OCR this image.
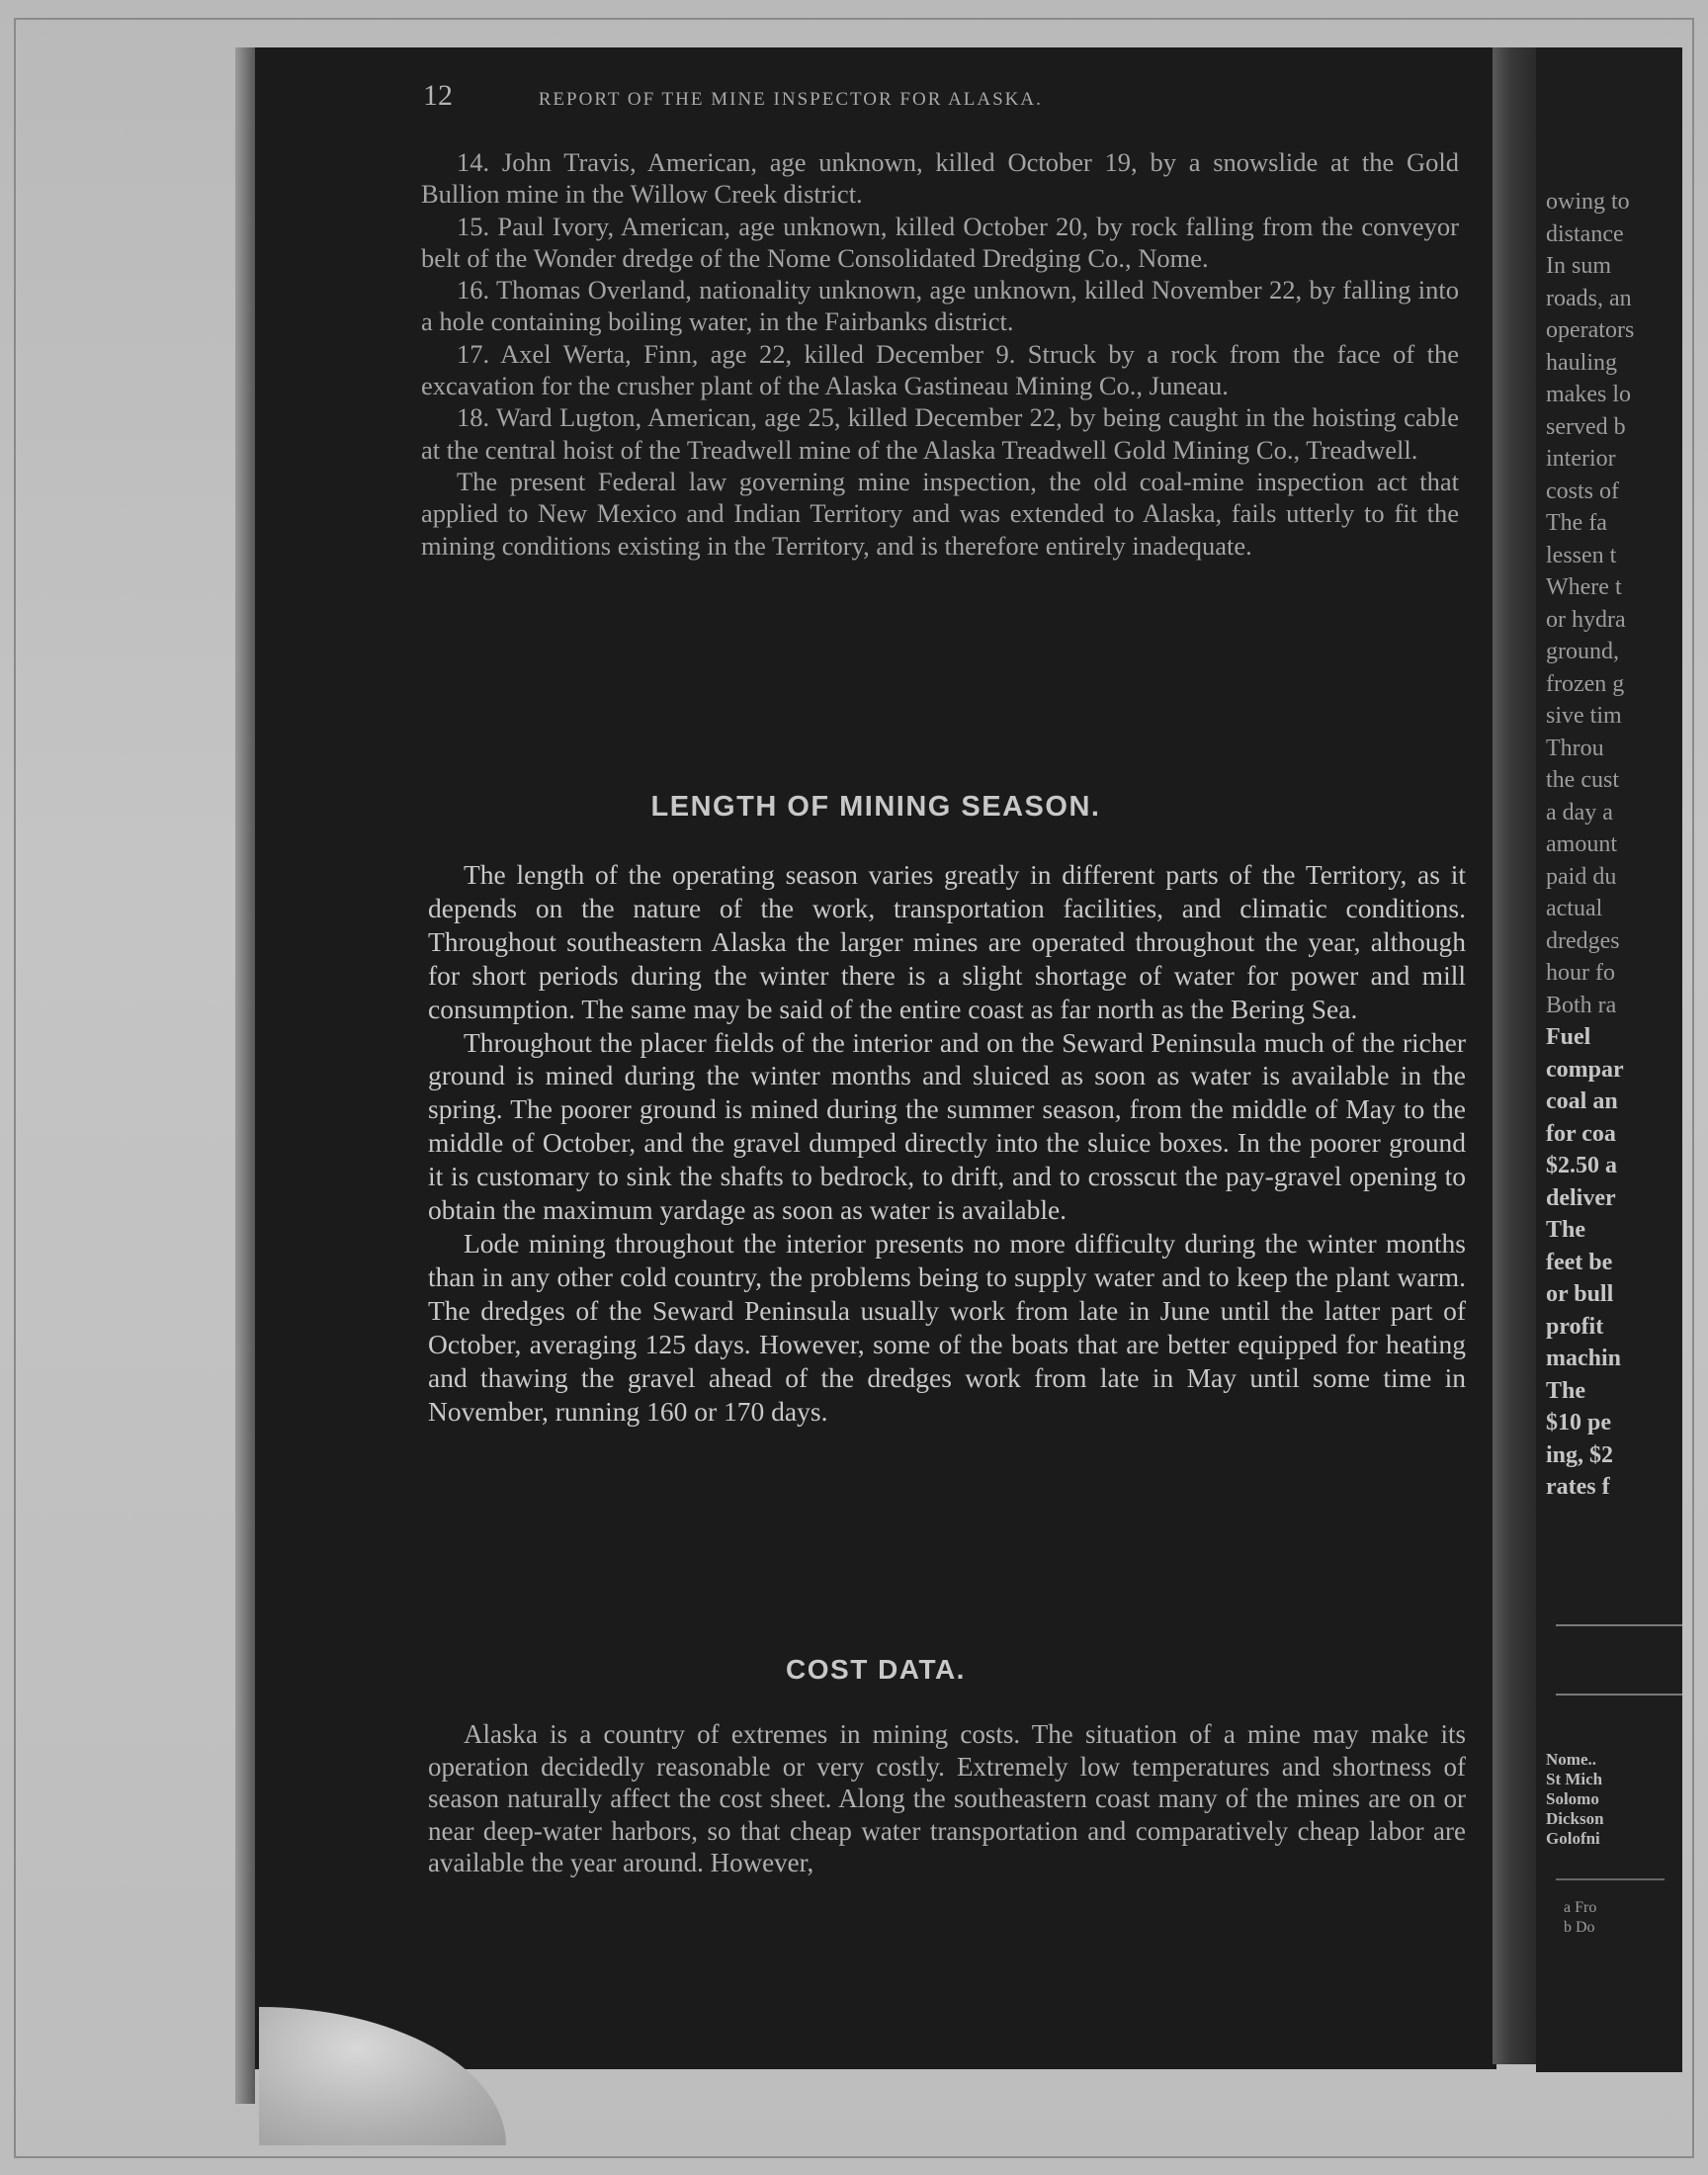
12	REPORT OF THE MINE INSPECTOR FOR ALASKA.

14. John Travis, American, age unknown, killed October 19, by a snowslide at the Gold Bullion mine in the Willow Creek district.

15. Paul Ivory, American, age unknown, killed October 20, by rock falling from the conveyor belt of the Wonder dredge of the Nome Consolidated Dredging Co., Nome.

16. Thomas Overland, nationality unknown, age unknown, killed November 22, by falling into a hole containing boiling water, in the Fairbanks district.

17. Axel Werta, Finn, age 22, killed December 9. Struck by a rock from the face of the excavation for the crusher plant of the Alaska Gastineau Mining Co., Juneau.

18. Ward Lugton, American, age 25, killed December 22, by being caught in the hoisting cable at the central hoist of the Treadwell mine of the Alaska Treadwell Gold Mining Co., Treadwell.

The present Federal law governing mine inspection, the old coal-mine inspection act that applied to New Mexico and Indian Territory and was extended to Alaska, fails utterly to fit the mining conditions existing in the Territory, and is therefore entirely inadequate.

LENGTH OF MINING SEASON.

The length of the operating season varies greatly in different parts of the Territory, as it depends on the nature of the work, transportation facilities, and climatic conditions. Throughout southeastern Alaska the larger mines are operated throughout the year, although for short periods during the winter there is a slight shortage of water for power and mill consumption. The same may be said of the entire coast as far north as the Bering Sea.

Throughout the placer fields of the interior and on the Seward Peninsula much of the richer ground is mined during the winter months and sluiced as soon as water is available in the spring. The poorer ground is mined during the summer season, from the middle of May to the middle of October, and the gravel dumped directly into the sluice boxes. In the poorer ground it is customary to sink the shafts to bedrock, to drift, and to crosscut the pay-gravel opening to obtain the maximum yardage as soon as water is available.

Lode mining throughout the interior presents no more difficulty during the winter months than in any other cold country, the problems being to supply water and to keep the plant warm. The dredges of the Seward Peninsula usually work from late in June until the latter part of October, averaging 125 days. However, some of the boats that are better equipped for heating and thawing the gravel ahead of the dredges work from late in May until some time in November, running 160 or 170 days.

COST DATA.

Alaska is a country of extremes in mining costs. The situation of a mine may make its operation decidedly reasonable or very costly. Extremely low temperatures and shortness of season naturally affect the cost sheet. Along the southeastern coast many of the mines are on or near deep-water harbors, so that cheap water transportation and comparatively cheap labor are available the year around. However,

owing to
distance
In sum
roads, an
operators
hauling
makes lo
served b
interior
costs of
The fa
lessen t
Where t
or hydra
ground,
frozen g
sive tim
Throu
the cust
a day a
amount
paid du
actual
dredges
hour fo
Both ra
Fuel
compar
coal an
for coa
$2.50 a
deliver
The
feet be
or bull
profit
machin
The
$10 pe
ing, $2
rates f
Nome..
St Mich
Solomo
Dickson
Golofni
a Fro
b Do
